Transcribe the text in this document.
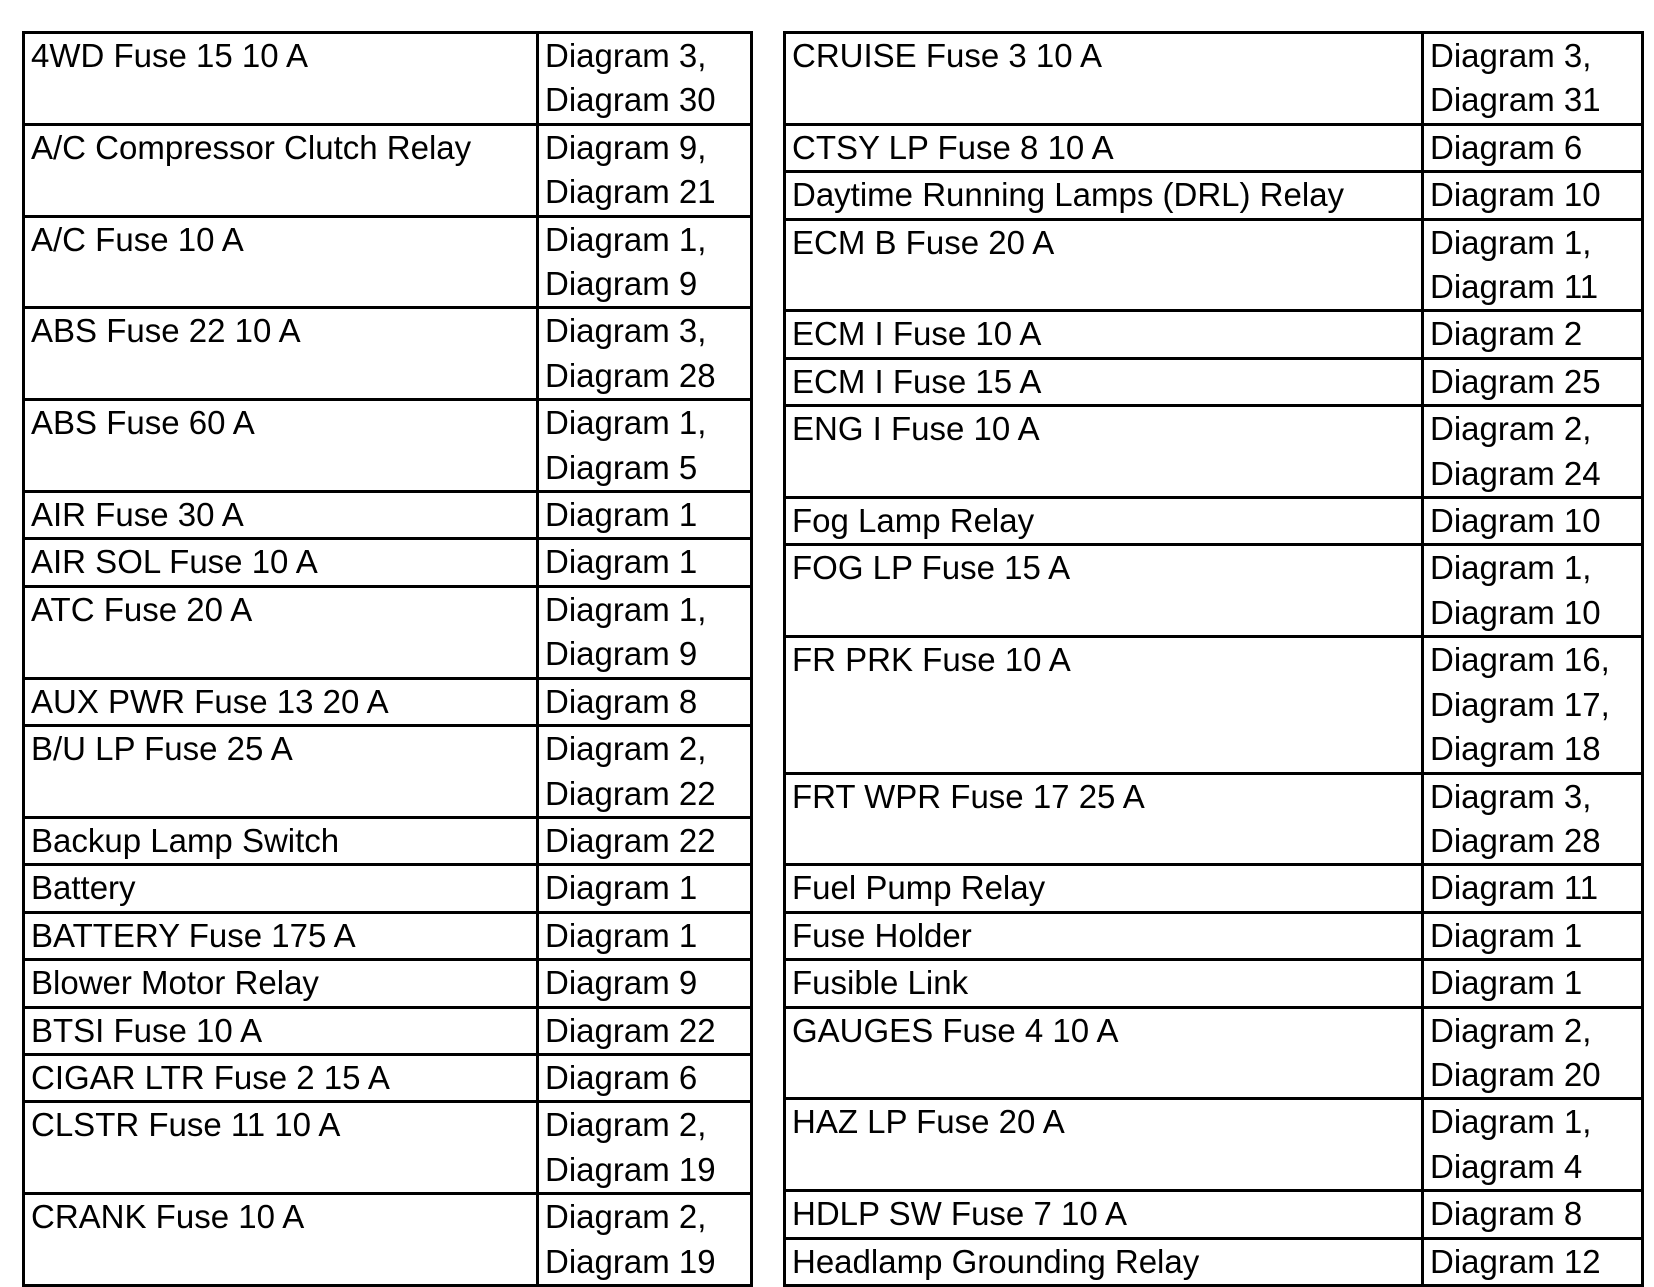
4WD Fuse 15 10 A	Diagram 3,
Diagram 30
A/C Compressor Clutch Relay	Diagram 9,
Diagram 21
A/C Fuse 10 A	Diagram 1,
Diagram 9
ABS Fuse 22 10 A	Diagram 3,
Diagram 28
ABS Fuse 60 A	Diagram 1,
Diagram 5
AIR Fuse 30 A	Diagram 1
AIR SOL Fuse 10 A	Diagram 1
ATC Fuse 20 A	Diagram 1,
Diagram 9
AUX PWR Fuse 13 20 A	Diagram 8
B/U LP Fuse 25 A	Diagram 2,
Diagram 22
Backup Lamp Switch	Diagram 22
Battery	Diagram 1
BATTERY Fuse 175 A	Diagram 1
Blower Motor Relay	Diagram 9
BTSI Fuse 10 A	Diagram 22
CIGAR LTR Fuse 2 15 A	Diagram 6
CLSTR Fuse 11 10 A	Diagram 2,
Diagram 19
CRANK Fuse 10 A	Diagram 2,
Diagram 19
CRUISE Fuse 3 10 A	Diagram 3,
Diagram 31
CTSY LP Fuse 8 10 A	Diagram 6
Daytime Running Lamps (DRL) Relay	Diagram 10
ECM B Fuse 20 A	Diagram 1,
Diagram 11
ECM I Fuse 10 A	Diagram 2
ECM I Fuse 15 A	Diagram 25
ENG I Fuse 10 A	Diagram 2,
Diagram 24
Fog Lamp Relay	Diagram 10
FOG LP Fuse 15 A	Diagram 1,
Diagram 10
FR PRK Fuse 10 A	Diagram 16,
Diagram 17,
Diagram 18
FRT WPR Fuse 17 25 A	Diagram 3,
Diagram 28
Fuel Pump Relay	Diagram 11
Fuse Holder	Diagram 1
Fusible Link	Diagram 1
GAUGES Fuse 4 10 A	Diagram 2,
Diagram 20
HAZ LP Fuse 20 A	Diagram 1,
Diagram 4
HDLP SW Fuse 7 10 A	Diagram 8
Headlamp Grounding Relay	Diagram 12
